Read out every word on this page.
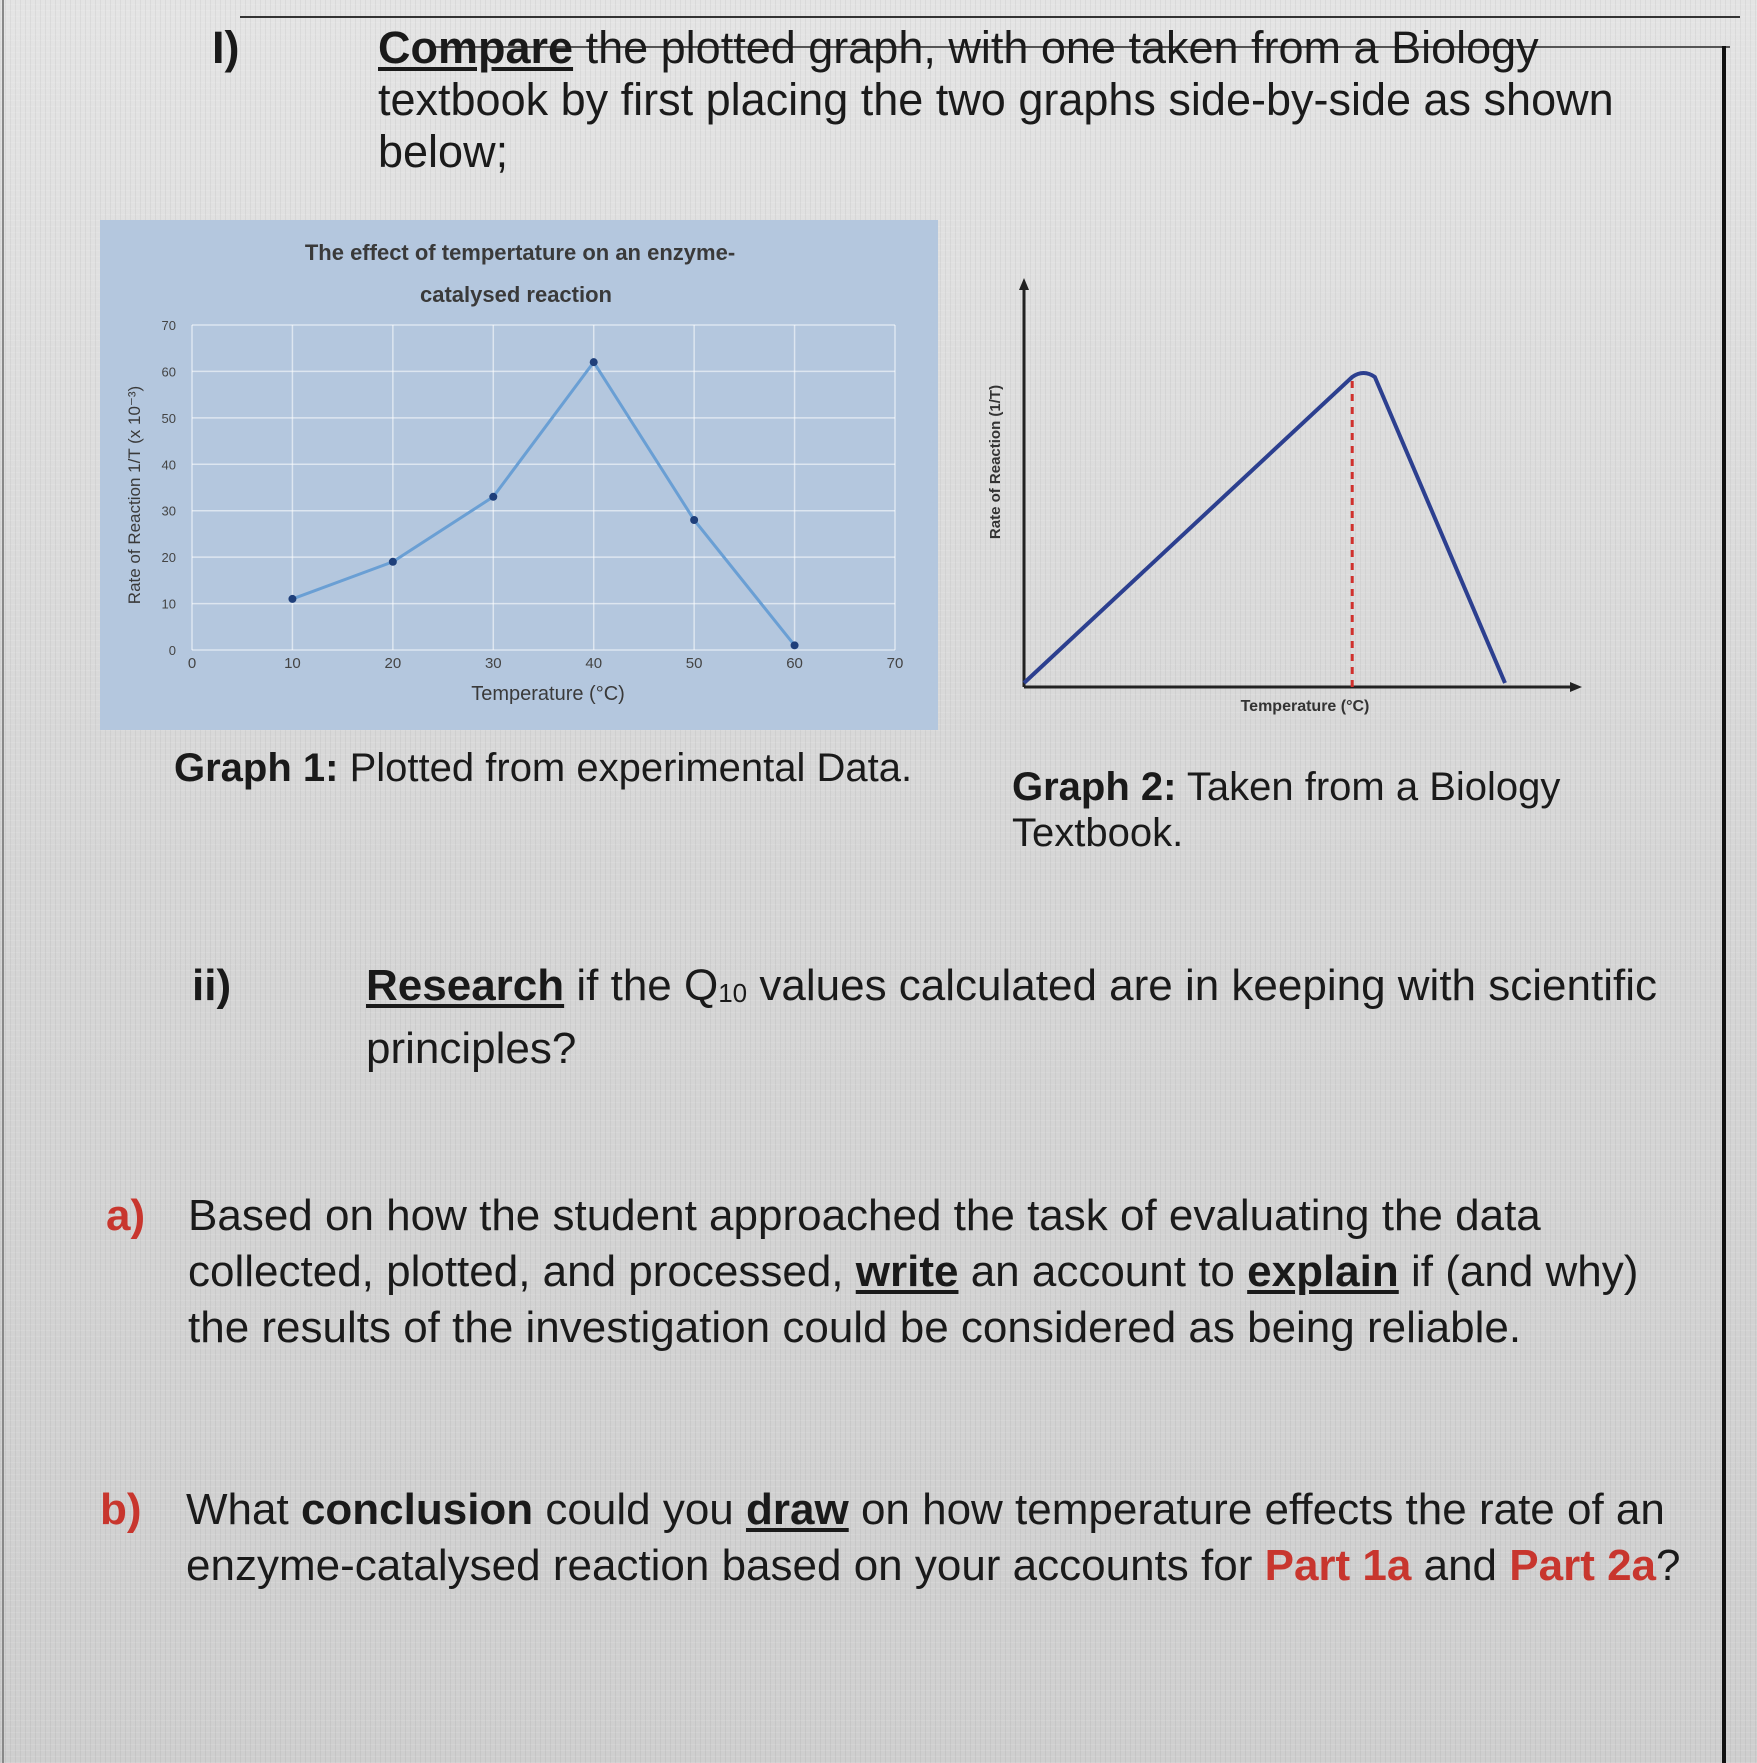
I)	Compare the plotted graph, with one taken from a Biology textbook by first placing the two graphs side-by-side as shown below;
The effect of tempertature on an enzyme-
catalysed reaction
Temperature (°C)
Rate of Reaction 1/T (x 10⁻³)
0	10	20	30	40	50	60	70
0
10
20
30
40
50
60
70
Rate of Reaction (1/T)
Temperature (°C)
Graph 1: Plotted from experimental Data.	Graph 2: Taken from a Biology Textbook.
ii)	Research if the $Q_{10}$ values calculated are in keeping with scientific principles?
a) Based on how the student approached the task of evaluating the data collected, plotted, and processed, write an account to explain if (and why) the results of the investigation could be considered as being reliable.
b) What conclusion could you draw on how temperature effects the rate of an enzyme-catalysed reaction based on your accounts for Part 1a and Part 2a?
